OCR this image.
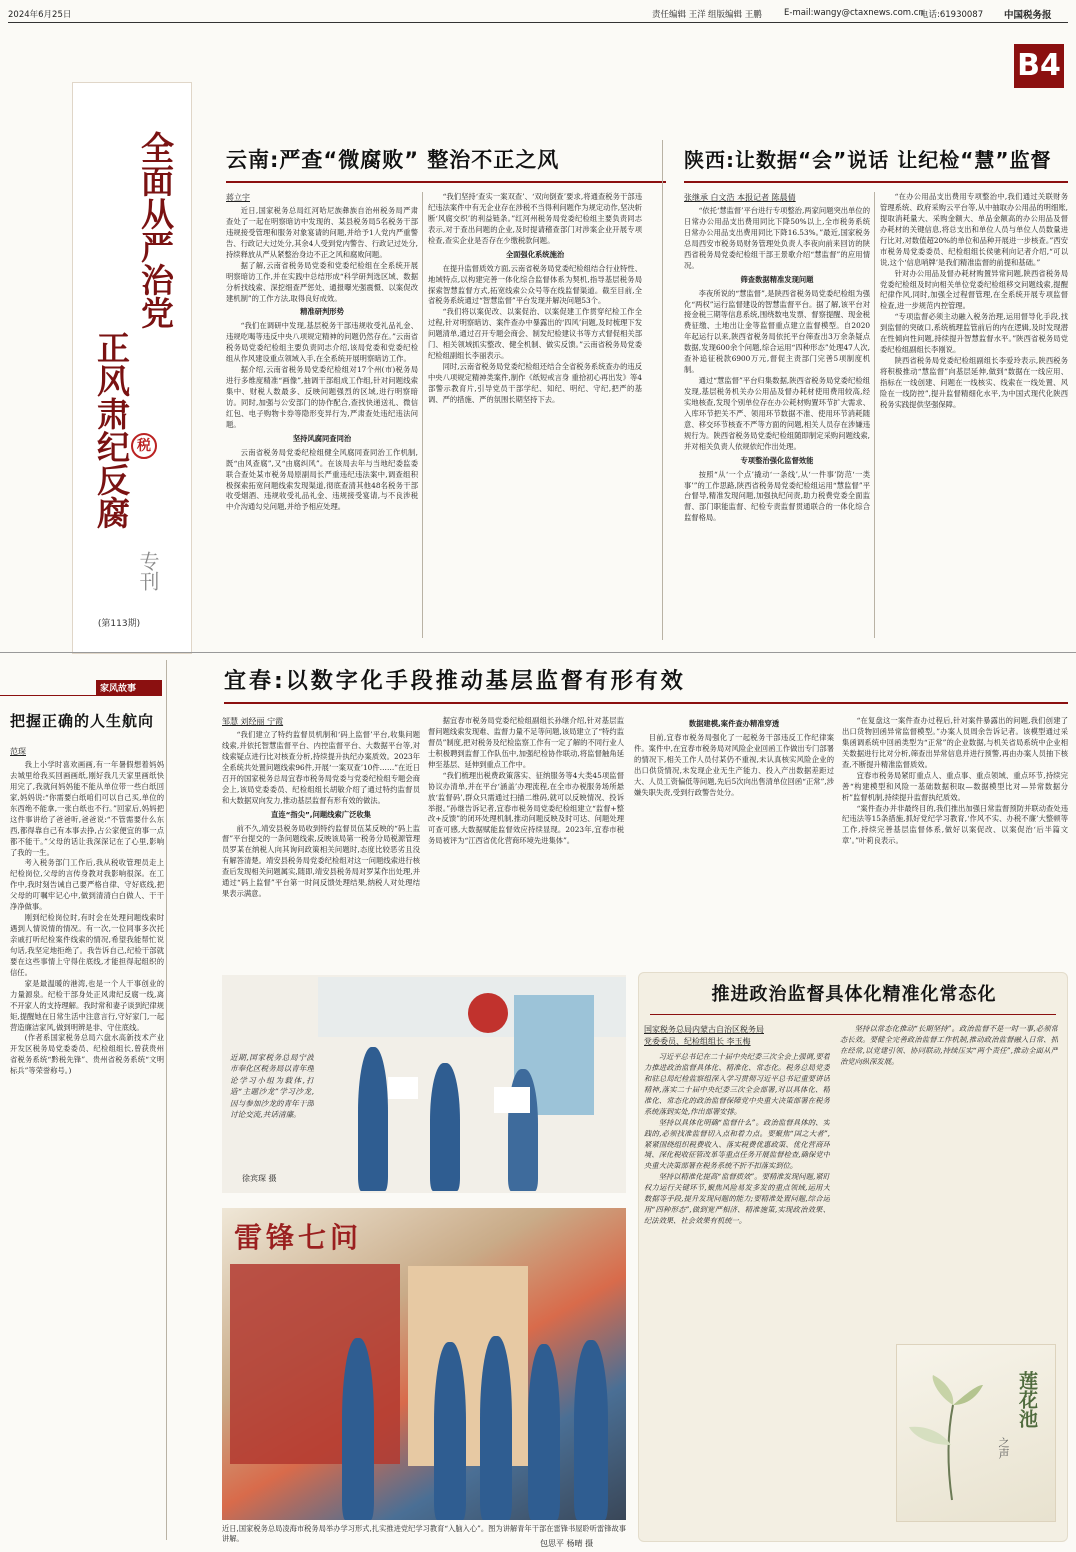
2024年6月25日	责任编辑 王洋 组版编辑 王鹏	E-mail:wangy@ctaxnews.com.cn
电话:61930087 中国税务报
B4
全面从严治党
正风肃纪反腐 税
专刊
(第113期)
云南:严查“微腐败” 整治不正之风
蒋立宇

近日,国家税务总局红河哈尼族彝族自治州税务局严肃查处了一起在明察暗访中发现的、某县税务局5名税务干部违规接受管理和服务对象宴请的问题,并给予1人党内严重警告、行政记大过处分,其余4人受到党内警告、行政记过处分,持续释放从严从紧整治身边不正之风和腐败问题。

据了解,云南省税务局党委和党委纪检组在全系统开展明察暗访工作,并在实践中总结形成“科学研判选区域、数据分析找线索、深挖细查严惩处、通报曝光强震慑、以案促改建机制”的工作方法,取得良好成效。

精准研判形势

“我们在调研中发现,基层税务干部违规收受礼品礼金、违规吃喝等违反中央八项规定精神的问题仍然存在。”云南省税务局党委纪检组主要负责同志介绍,该局党委和党委纪检组从作风建设重点领域入手,在全系统开展明察暗访工作。

据介绍,云南省税务局党委纪检组对17个州(市)税务局进行多维度精准“画像”,抽调干部组成工作组,针对问题线索集中、财税人数最多、反映问题强烈的区域,进行明察暗访。同时,加强与公安部门的协作配合,查找快递送礼、微信红包、电子购物卡券等隐形变异行为,严肃查处违纪违法问题。

坚持风腐同查同治

云南省税务局党委纪检组健全风腐同查同治工作机制,既“由风查腐”,又“由腐纠风”。在该局去年与当地纪委监委联合查处某市税务局原副局长严重违纪违法案中,调查组积极探索拓宽问题线索发现渠道,彻底查清其他48名税务干部收受烟酒、违规收受礼品礼金、违规接受宴请,与不良涉税中介沟通勾兑问题,并给予相应处理。

“我们坚持‘查实一案双查’、‘双向倒查’要求,将通查税务干部违纪违法案件中有无企业存在涉税不当得利问题作为规定动作,坚决斩断‘风腐交织’的利益链条。”红河州税务局党委纪检组主要负责同志表示,对于查出问题的企业,及时提请稽查部门对涉案企业开展专项检查,查实企业是否存在少缴税款问题。

全面强化系统施治

在提升监督质效方面,云南省税务局党委纪检组结合行业特性、地域特点,以构建完善一体化综合监督体系为契机,指导基层税务局探索智慧监督方式,拓宽线索公众号等在线监督渠道。截至目前,全省税务系统通过“智慧监督”平台发现并解决问题53个。

“我们将以案促改、以案促治、以案促建工作贯穿纪检工作全过程,针对明察暗访、案件查办中暴露出的‘四风’问题,及时梳理下发问题清单,通过召开专题会商会、制发纪检建议书等方式督促相关部门、相关领域抓实整改、健全机制、做实反馈。”云南省税务局党委纪检组副组长李丽表示。

同时,云南省税务局党委纪检组还结合全省税务系统查办的违反中央八项规定精神类案件,制作《纸短戒言身 重拾初心再出发》等4部警示教育片,引导党员干部学纪、知纪、明纪、守纪,把严的基调、严的措施、严的氛围长期坚持下去。

陕西:让数据“会”说话 让纪检“慧”监督
张继承 白文浩 本报记者 陈晨倩

“依托‘慧监督’平台进行专项整治,两家问题突出单位的日常办公用品支出费用同比下降50%以上,全市税务系统日常办公用品支出费用同比下降16.53%。”最近,国家税务总局西安市税务局财务管理处负责人李夜向前来回访的陕西省税务局党委纪检组干部王景歌介绍“慧监督”的应用情况。

筛查数据精准发现问题

李夜所说的“慧监督”,是陕西省税务局党委纪检组为强化“两权”运行监督建设的智慧监督平台。据了解,该平台对接金税三期等信息系统,围绕数电发票、督察提醒、现金税费征缴、土地出让金等监督重点建立监督模型。自2020年起运行以来,陕西省税务局依托平台筛查出3万余条疑点数据,发现600余个问题,综合运用“四种形态”处理47人次,查补追征税款6900万元,督促主责部门完善5项制度机制。

通过“慧监督”平台归集数据,陕西省税务局党委纪检组发现,基层税务机关办公用品及督办耗材使用费用较高,经实地核查,发现个别单位存在办公耗材购置环节扩大需求、入库环节把关不严、领用环节数据不准、使用环节消耗随意、移交环节核查不严等方面的问题,相关人员存在涉嫌违规行为。陕西省税务局党委纪检组随即制定采购问题线索,并对相关负责人依规依纪作出处理。

专项整治强化监督效能

按照“从‘一个点’撬动‘一条线’,从‘一件事’防范‘一类事’”的工作思路,陕西省税务局党委纪检组运用“慧监督”平台督导,精准发现问题,加强执纪问责,助力税费党委全面监督、部门职能监督、纪检专责监督贯通联合的一体化综合监督格局。

“在办公用品支出费用专项整治中,我们通过关联财务管理系统、政府采购云平台等,从中抽取办公用品的明细账,提取消耗量大、采购金额大、单品金额高的办公用品及督办耗材的关键信息,将总支出和单位人员与单位人员数量进行比对,对数值超20%的单位和品种开展进一步核查。”西安市税务局党委委员、纪检组组长侯驰利向记者介绍,“可以说,这个‘信息哨牌’是我们精准监督的前提和基础。”

针对办公用品及督办耗材购置异常问题,陕西省税务局党委纪检组及时向相关单位党委纪检组移交问题线索,提醒纪律作风,同时,加强全过程督管理,在全系统开展专项监督检查,进一步规范内控管理。

“专项监督必须主动融入税务治理,运用督导化手段,找到监督的突破口,系统梳理监管前后的内在逻辑,及时发现潜在性倾向性问题,持续提升智慧监督水平。”陕西省税务局党委纪检组副组长李刚说。

陕西省税务局党委纪检组副组长李爱玲表示,陕西税务将积极推动“慧监督”向基层延伸,做到“数据在一线应用、指标在一线创建、问题在一线核实、线索在一线处置、风险在一线防控”,提升监督精细化水平,为中国式现代化陕西税务实践提供坚强保障。

家风故事
把握正确的人生航向
范琛

我上小学时喜欢画画,有一年暑假想着妈妈去城里给我买回画画纸,刚好我几天家里画纸快用完了,我就问妈妈能不能从单位带一些白纸回家,妈妈说:“你需要白纸咱们可以自己买,单位的东西绝不能拿,一张白纸也不行。”回家后,妈妈把这件事讲给了爸爸听,爸爸说:“不管需要什么东西,都得靠自己有本事去挣,占公家便宜的事一点都不能干。”父母的话让我深深记在了心里,影响了我的一生。

考入税务部门工作后,我从税收管理员走上纪检岗位,父母的言传身教对我影响很深。在工作中,我时刻告诫自己要严格自律、守好底线,把父母的叮嘱牢记心中,做到清清白白做人、干干净净做事。

刚到纪检岗位时,有时会在处理问题线索时遇到人情说情的情况。有一次,一位同事多次托亲戚打听纪检案件线索的情况,希望我能帮忙说句话,我坚定地拒绝了。我告诉自己,纪检干部就要在这些事情上守得住底线,才能担得起组织的信任。

家是最温暖的港湾,也是一个人干事创业的力量源泉。纪检干部身处正风肃纪反腐一线,离不开家人的支持理解。我时常和妻子谈到纪律规矩,提醒她在日常生活中注意言行,守好家门,一起营造廉洁家风,做到明辨是非、守住底线。

(作者系国家税务总局六盘水高新技术产业开发区税务局党委委员、纪检组组长,曾获贵州省税务系统“黔税先锋”、贵州省税务系统“文明标兵”等荣誉称号。)

宜春:以数字化手段推动基层监督有形有效
邹慧 刘经丽 宁霞

“我们建立了特约监督员机制和‘码上监督’平台,收集问题线索,并依托智慧监督平台、内控监督平台、大数据平台等,对线索疑点进行比对核查分析,持续提升执纪办案质效。2023年全系统共处置问题线索96件,开展‘一案双查’10件……”在近日召开的国家税务总局宜春市税务局党委与党委纪检组专题会商会上,该局党委委员、纪检组组长胡敏介绍了通过特约监督员和大数据双向发力,推动基层监督有形有效的做法。

直连“指尖”,问题线索广泛收集

前不久,靖安县税务局收到特约监督员伍某反映的“码上监督”平台提交的一条问题线索,反映该局第一税务分局税源管理员罗某在纳税人向其询问政策相关问题时,态度比较恶劣且没有解答清楚。靖安县税务局党委纪检组对这一问题线索进行核查后发现相关问题属实,随即,靖安县税务局对罗某作出处理,并通过“码上监督”平台第一时间反馈处理结果,纳税人对处理结果表示满意。

据宜春市税务局党委纪检组副组长孙继介绍,针对基层监督问题线索发现难、监督力量不足等问题,该局建立了“特约监督员”制度,把对税务及纪检监察工作有一定了解的不同行业人士积极聘到监督工作队伍中,加强纪检协作联动,将监督触角延伸至基层、延伸到重点工作中。

“我们梳理出税费政策落实、征纳服务等4大类45项监督协议办清单,并在平台‘涵盖’办理流程,在全市办税服务场所悬放‘监督码’,群众只需通过扫描二维码,就可以反映情况、投诉举报。”孙继告诉记者,宜春市税务局党委纪检组建立“监督+整改+反馈”的闭环处理机制,推动问题反映及时可达、问题处理可查可感,大数据赋能监督效应持续显现。2023年,宜春市税务局被评为“江西省优化营商环境先进集体”。

数据建模,案件查办精准穿透

目前,宜春市税务局强化了一起税务干部违反工作纪律案件。案件中,在宜春市税务局对风险企业回函工作做出专门部署的情况下,相关工作人员付某仍不重视,未认真核实风险企业的出口供货情况,未发现企业无生产能力、投入产出数据差距过大、人员工资偏低等问题,先后5次向出售清单位回函“正常”,涉嫌失职失责,受到行政警告处分。

“在复盘这一案件查办过程后,针对案件暴露出的问题,我们创建了出口货物回函异常监督模型。”办案人员周余告诉记者。该模型通过采集函调系统中回函类型为“正常”的企业数据,与机关省局系统中企业相关数据进行比对分析,筛查出异常信息并进行预警,再由办案人员抽下核查,不断提升精准监督质效。

宜春市税务局紧盯重点人、重点事、重点领域、重点环节,持续完善“构建模型和风险一基础数据积取—数据模型比对—异常数据分析”监督机制,持续提升监督执纪质效。

“案件查办并非最终目的,我们推出加强日常监督预防并联动查处违纪违法等15条措施,抓好党纪学习教育,‘作风不实、办税不廉’大整顿等工作,持续完善基层监督体系,做好以案促改、以案促治‘后半篇文章’。”叶莉良表示。

近期,国家税务总局宁波市奉化区税务局以青年理论学习小组为载体,打造“主题沙龙”学习沙龙,因与参加沙龙的青年干部讨论交流,共话清廉。
徐宾琛 摄
雷锋七问
近日,国家税务总局凌海市税务局举办学习形式,扎实推进党纪学习教育“入脑入心”。图为讲解青年干部在雷锋书屋聆听雷锋故事讲解。
包思平 杨晴 摄
推进政治监督具体化精准化常态化
国家税务总局内蒙古自治区税务局
党委委员、纪检组组长 李玉梅

习近平总书记在二十届中央纪委三次全会上强调,要着力推进政治监督具体化、精准化、常态化。税务总局党委和驻总局纪检监察组深入学习贯彻习近平总书记重要讲话精神,落实二十届中央纪委三次全会部署,对以具体化、精准化、常态化的政治监督保障党中央重大决策部署在税务系统落到实处,作出部署安排。

坚持以具体化明确“监督什么”。政治监督具体的、实践的,必须找准监督切入点和着力点。要聚焦“国之大者”,紧紧围绕组织税费收入、落实税费优惠政策、优化营商环境、深化税收征管改革等重点任务开展监督检查,确保党中央重大决策部署在税务系统不折不扣落实到位。

坚持以精准化提高“监督质效”。要精准发现问题,紧盯权力运行关键环节,聚焦风险易发多发的重点领域,运用大数据等手段,提升发现问题的能力;要精准处置问题,综合运用“四种形态”,做到宽严相济、精准施策,实现政治效果、纪法效果、社会效果有机统一。

坚持以常态化推动“长期坚持”。政治监督不是一时一事,必须常态长效。要健全完善政治监督工作机制,推动政治监督融入日常、抓在经常,以党建引领、协同联动,持续压实“两个责任”,推动全面从严治党向纵深发展。

莲花池
之声
